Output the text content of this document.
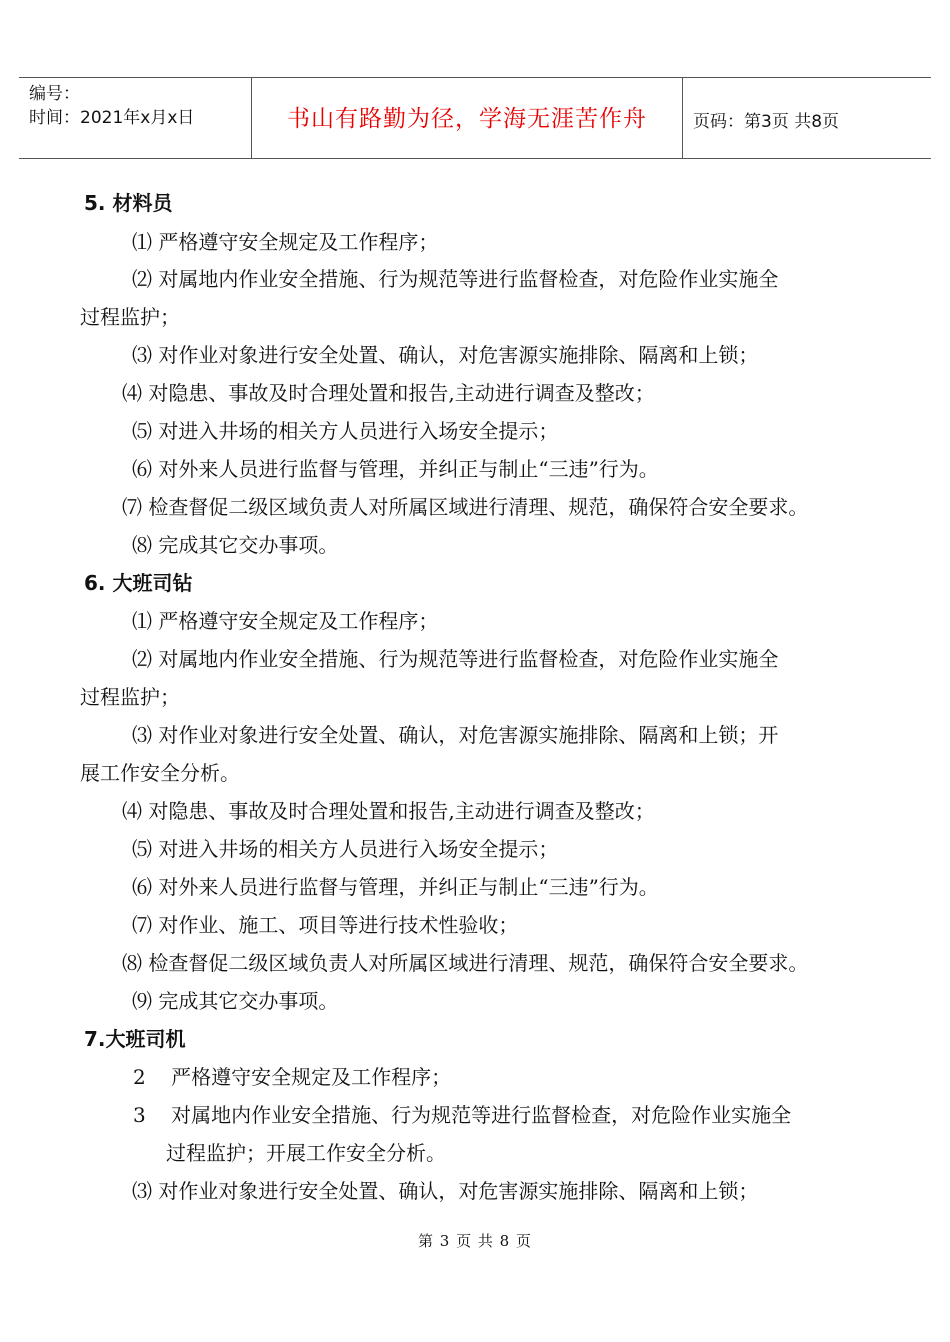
编号：
时间：2021年x月x日	书山有路勤为径，学海无涯苦作舟	页码：第3页 共8页
5. 材料员
⑴ 严格遵守安全规定及工作程序；
⑵ 对属地内作业安全措施、行为规范等进行监督检查，对危险作业实施全
过程监护；
⑶ 对作业对象进行安全处置、确认，对危害源实施排除、隔离和上锁；
⑷ 对隐患、事故及时合理处置和报告,主动进行调查及整改；
⑸ 对进入井场的相关方人员进行入场安全提示；
⑹ 对外来人员进行监督与管理，并纠正与制止“三违”行为。
⑺ 检查督促二级区域负责人对所属区域进行清理、规范，确保符合安全要求。
⑻ 完成其它交办事项。
6. 大班司钻
⑴ 严格遵守安全规定及工作程序；
⑵ 对属地内作业安全措施、行为规范等进行监督检查，对危险作业实施全
过程监护；
⑶ 对作业对象进行安全处置、确认，对危害源实施排除、隔离和上锁；开
展工作安全分析。
⑷ 对隐患、事故及时合理处置和报告,主动进行调查及整改；
⑸ 对进入井场的相关方人员进行入场安全提示；
⑹ 对外来人员进行监督与管理，并纠正与制止“三违”行为。
⑺ 对作业、施工、项目等进行技术性验收；
⑻ 检查督促二级区域负责人对所属区域进行清理、规范，确保符合安全要求。
⑼ 完成其它交办事项。
7.大班司机
2    严格遵守安全规定及工作程序；
3    对属地内作业安全措施、行为规范等进行监督检查，对危险作业实施全
过程监护；开展工作安全分析。
⑶ 对作业对象进行安全处置、确认，对危害源实施排除、隔离和上锁；
第 3 页 共 8 页
